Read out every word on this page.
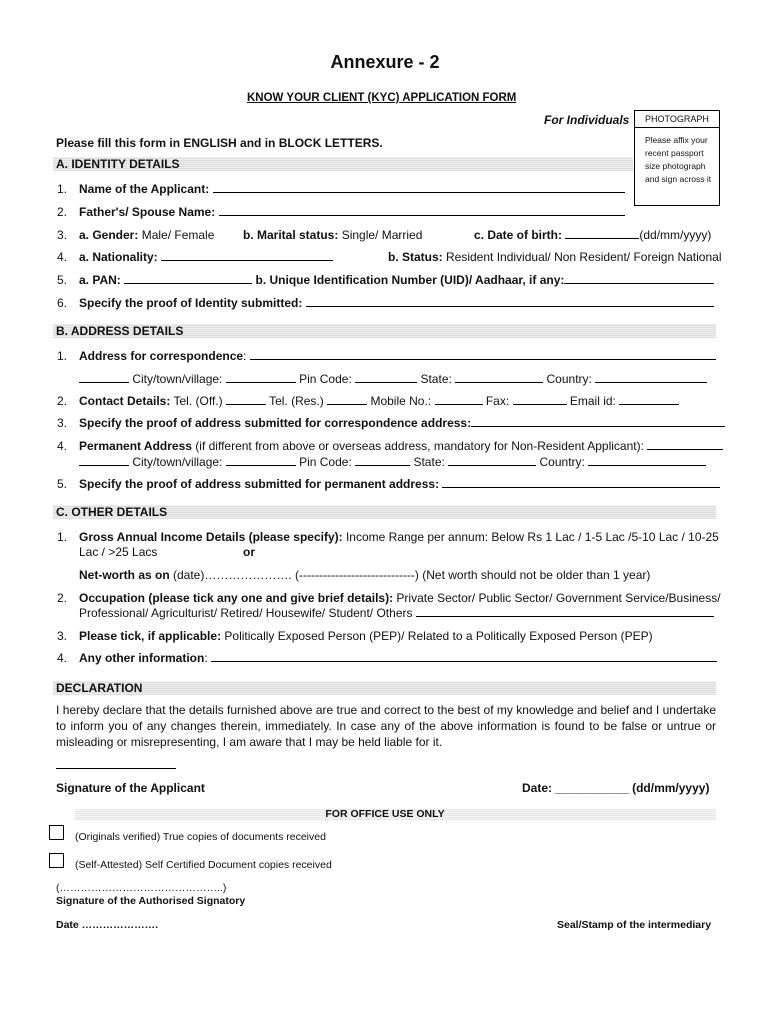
Annexure - 2
KNOW YOUR CLIENT (KYC) APPLICATION FORM
For Individuals	PHOTOGRAPH
Please affix your recent passport size photograph and sign across it
Please fill this form in ENGLISH and in BLOCK LETTERS.
A. IDENTITY DETAILS
1. Name of the Applicant:
2. Father's/ Spouse Name:
3. a. Gender: Male/ Female b. Marital status: Single/ Married	c. Date of birth:	(dd/mm/yyyy)
4. a. Nationality:	b. Status: Resident Individual/ Non Resident/ Foreign National
5. a. PAN:	b. Unique Identification Number (UID)/ Aadhaar, if any:
6. Specify the proof of Identity submitted:
B. ADDRESS DETAILS
1. Address for correspondence:
City/town/village:	Pin Code:	State:	Country:
2. Contact Details: Tel. (Off.)	Tel. (Res.)	Mobile No.:	Fax:	Email id:
3. Specify the proof of address submitted for correspondence address:
4. Permanent Address (if different from above or overseas address, mandatory for Non-Resident Applicant):
City/town/village:	Pin Code:	State:	Country:
5. Specify the proof of address submitted for permanent address:
C. OTHER DETAILS
1. Gross Annual Income Details (please specify): Income Range per annum: Below Rs 1 Lac / 1-5 Lac /5-10 Lac / 10-25
Lac / >25 Lacs	or
Net-worth as on (date)…………………. (-----------------------------) (Net worth should not be older than 1 year)
2. Occupation (please tick any one and give brief details): Private Sector/ Public Sector/ Government Service/Business/
Professional/ Agriculturist/ Retired/ Housewife/ Student/ Others
3. Please tick, if applicable: Politically Exposed Person (PEP)/ Related to a Politically Exposed Person (PEP)
4. Any other information:
DECLARATION
I hereby declare that the details furnished above are true and correct to the best of my knowledge and belief and I undertake to inform you of any changes therein, immediately. In case any of the above information is found to be false or untrue or misleading or misrepresenting, I am aware that I may be held liable for it.
Signature of the Applicant	Date: ___________ (dd/mm/yyyy)
FOR OFFICE USE ONLY
(Originals verified) True copies of documents received
(Self-Attested) Self Certified Document copies received
(………………………………………..)
Signature of the Authorised Signatory
Date ………………….	Seal/Stamp of the intermediary
